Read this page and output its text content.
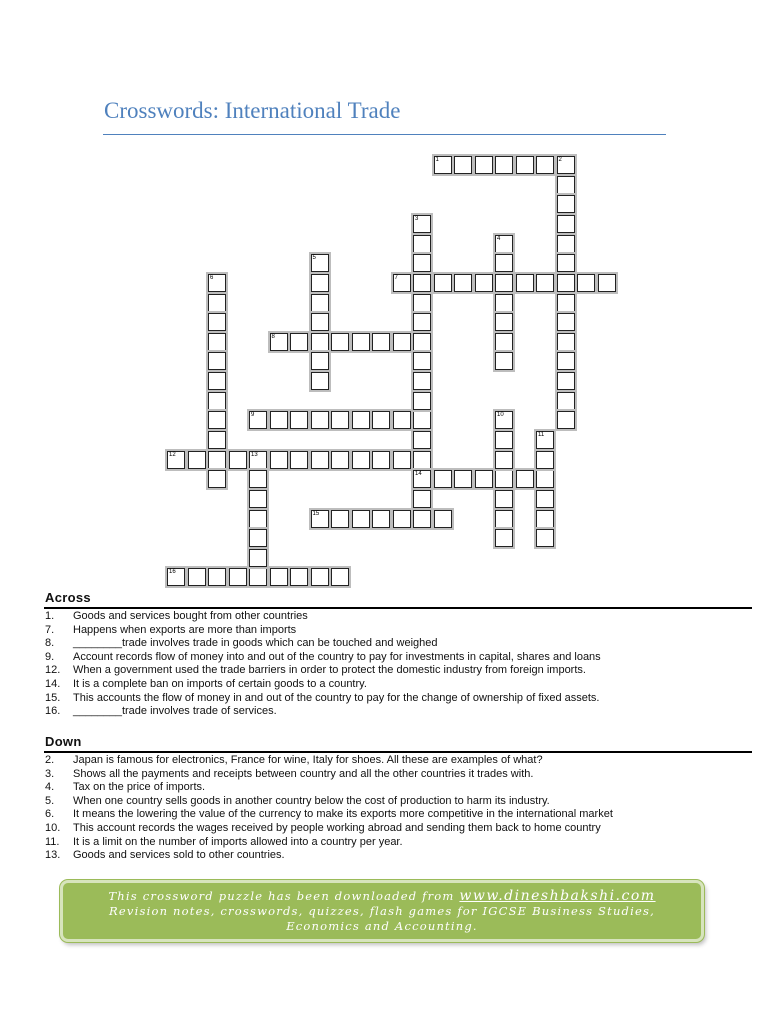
Crosswords: International Trade
1	2
7
8
9
12	13
14
15
16
3
4
5
6
10
11
Across
1.	Goods and services bought from other countries
7.	Happens when exports are more than imports
8.	________trade involves trade in goods which can be touched and weighed
9.	Account records flow of money into and out of the country to pay for investments in capital, shares and loans
12.	When a government used the trade barriers in order to protect the domestic industry from foreign imports.
14.	It is a complete ban on imports of certain goods to a country.
15.	This accounts the flow of money in and out of the country to pay for the change of ownership of fixed assets.
16.	________trade involves trade of services.
Down
2.	Japan is famous for electronics, France for wine, Italy for shoes. All these are examples of what?
3.	Shows all the payments and receipts between country and all the other countries it trades with.
4.	Tax on the price of imports.
5.	When one country sells goods in another country below the cost of production to harm its industry.
6.	It means the lowering the value of the currency to make its exports more competitive in the international market
10.	This account records the wages received by people working abroad and sending them back to home country
11.	It is a limit on the number of imports allowed into a country per year.
13.	Goods and services sold to other countries.
This crossword puzzle has been downloaded from www.dineshbakshi.com
Revision notes, crosswords, quizzes, flash games for IGCSE Business Studies,
Economics and Accounting.
